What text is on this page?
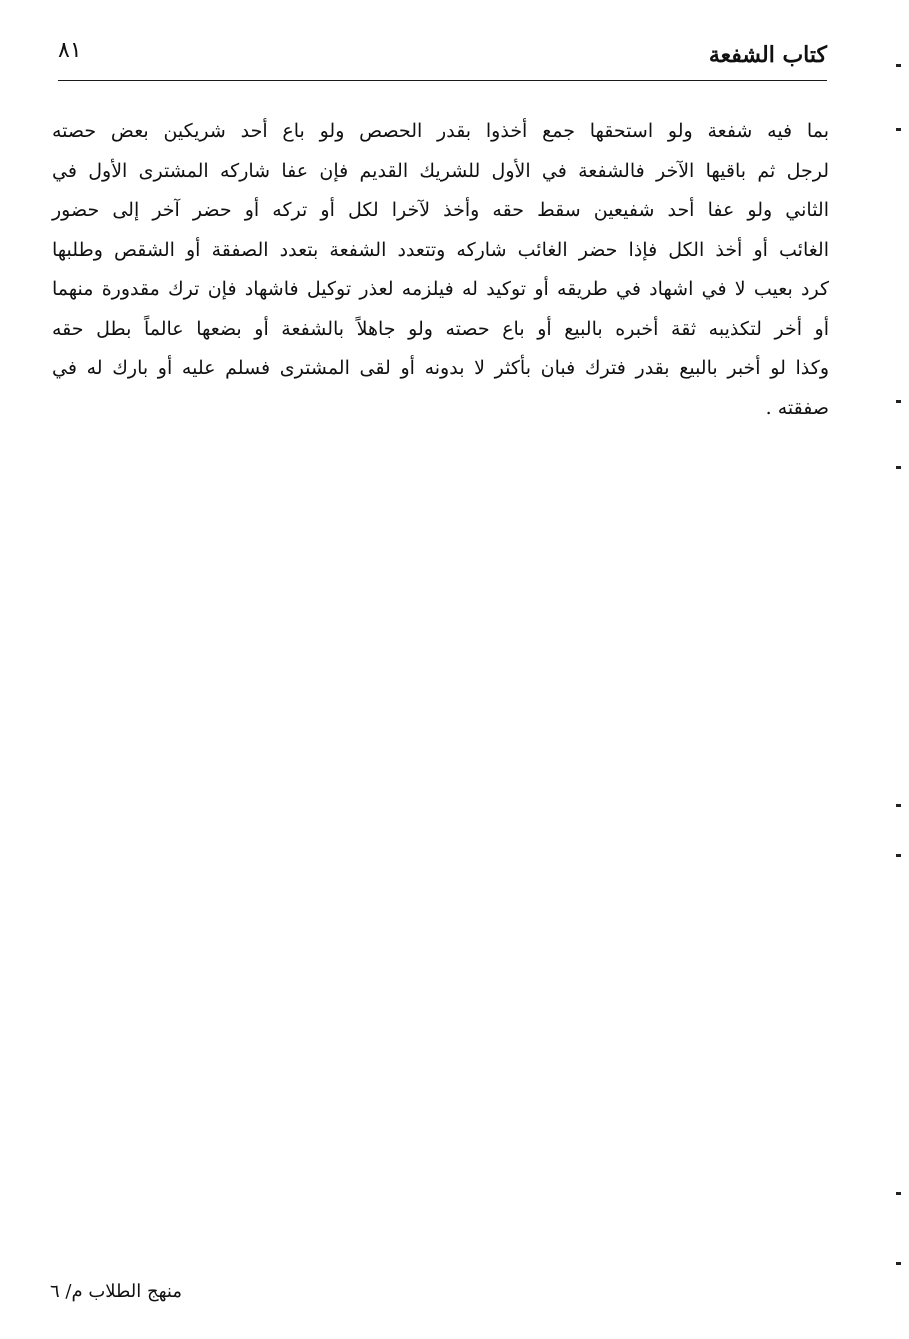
كتاب الشفعة
٨١
بما فيه شفعة ولو استحقها جمع أخذوا بقدر الحصص ولو باع أحد شريكين بعض حصته
لرجل ثم باقيها الآخر فالشفعة في الأول للشريك القديم فإن عفا شاركه المشترى الأول في
الثاني ولو عفا أحد شفيعين سقط حقه وأخذ لآخرا لكل أو تركه أو حضر آخر إلى حضور
الغائب أو أخذ الكل فإذا حضر الغائب شاركه وتتعدد الشفعة بتعدد الصفقة أو الشقص وطلبها
كرد بعيب لا في اشهاد في طريقه أو توكيد له فيلزمه لعذر توكيل فاشهاد فإن ترك مقدورة منهما
أو أخر لتكذيبه ثقة أخبره بالبيع أو باع حصته ولو جاهلاً بالشفعة أو بضعها عالماً بطل حقه
وكذا لو أخبر بالبيع بقدر فترك فبان بأكثر لا بدونه أو لقى المشترى فسلم عليه أو بارك له في
صفقته .
منهج الطلاب م/ ٦
